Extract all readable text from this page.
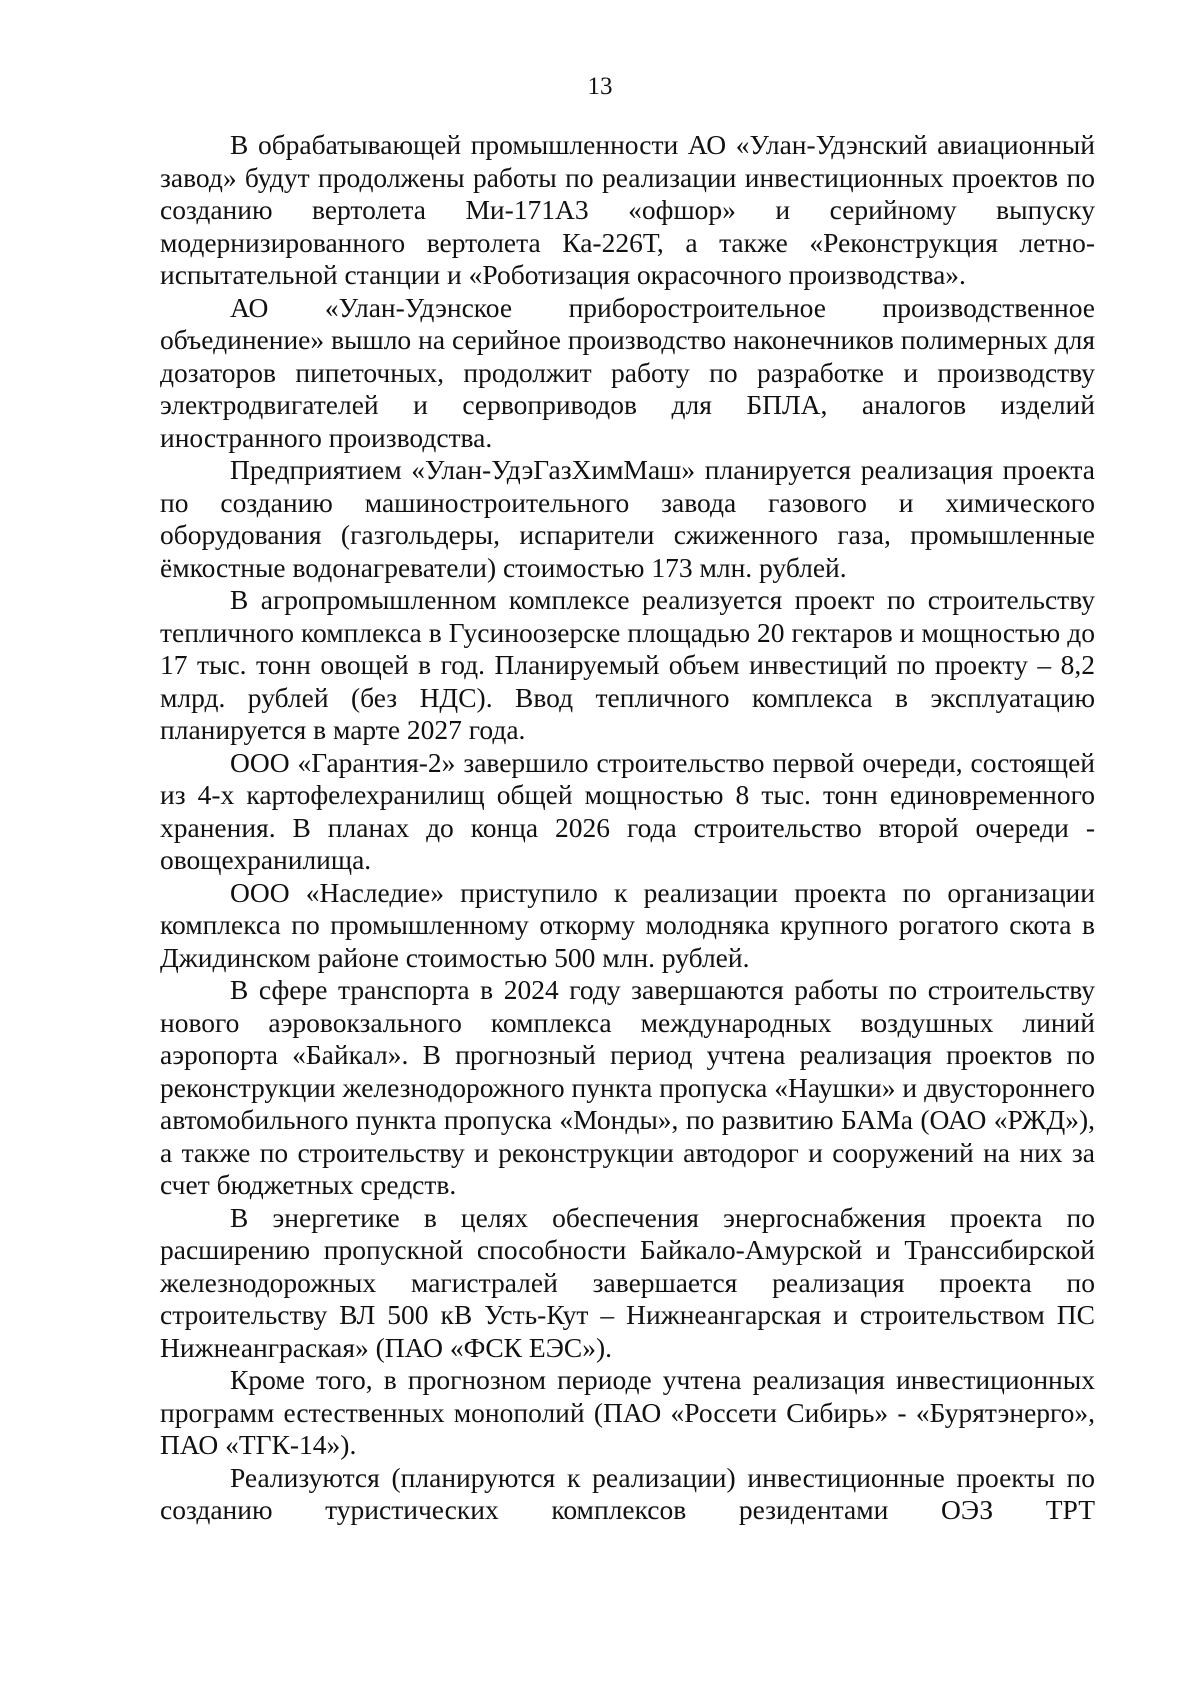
13

В обрабатывающей промышленности АО «Улан-Удэнский авиационный завод» будут продолжены работы по реализации инвестиционных проектов по созданию вертолета Ми-171А3 «офшор» и серийному выпуску модернизированного вертолета Ка-226Т, а также «Реконструкция летно-испытательной станции и «Роботизация окрасочного производства».

АО «Улан-Удэнское приборостроительное производственное объединение» вышло на серийное производство наконечников полимерных для дозаторов пипеточных, продолжит работу по разработке и производству электродвигателей и сервоприводов для БПЛА, аналогов изделий иностранного производства.

Предприятием «Улан-УдэГазХимМаш» планируется реализация проекта по созданию машиностроительного завода газового и химического оборудования (газгольдеры, испарители сжиженного газа, промышленные ёмкостные водонагреватели) стоимостью 173 млн. рублей.

В агропромышленном комплексе реализуется проект по строительству тепличного комплекса в Гусиноозерске площадью 20 гектаров и мощностью до 17 тыс. тонн овощей в год. Планируемый объем инвестиций по проекту – 8,2 млрд. рублей (без НДС). Ввод тепличного комплекса в эксплуатацию планируется в марте 2027 года.

ООО «Гарантия-2» завершило строительство первой очереди, состоящей из 4-х картофелехранилищ общей мощностью 8 тыс. тонн единовременного хранения. В планах до конца 2026 года строительство второй очереди - овощехранилища.

ООО «Наследие» приступило к реализации проекта по организации комплекса по промышленному откорму молодняка крупного рогатого скота в Джидинском районе стоимостью 500 млн. рублей.

В сфере транспорта в 2024 году завершаются работы по строительству нового аэровокзального комплекса международных воздушных линий аэропорта «Байкал». В прогнозный период учтена реализация проектов по реконструкции железнодорожного пункта пропуска «Наушки» и двустороннего автомобильного пункта пропуска «Монды», по развитию БАМа (ОАО «РЖД»), а также по строительству и реконструкции автодорог и сооружений на них за счет бюджетных средств.

В энергетике в целях обеспечения энергоснабжения проекта по расширению пропускной способности Байкало-Амурской и Транссибирской железнодорожных магистралей завершается реализация проекта по строительству ВЛ 500 кВ Усть-Кут – Нижнеангарская и строительством ПС Нижнеанграская» (ПАО «ФСК ЕЭС»).

Кроме того, в прогнозном периоде учтена реализация инвестиционных программ естественных монополий (ПАО «Россети Сибирь» - «Бурятэнерго», ПАО «ТГК-14»).

Реализуются (планируются к реализации) инвестиционные проекты по созданию туристических комплексов резидентами ОЭЗ ТРТ
